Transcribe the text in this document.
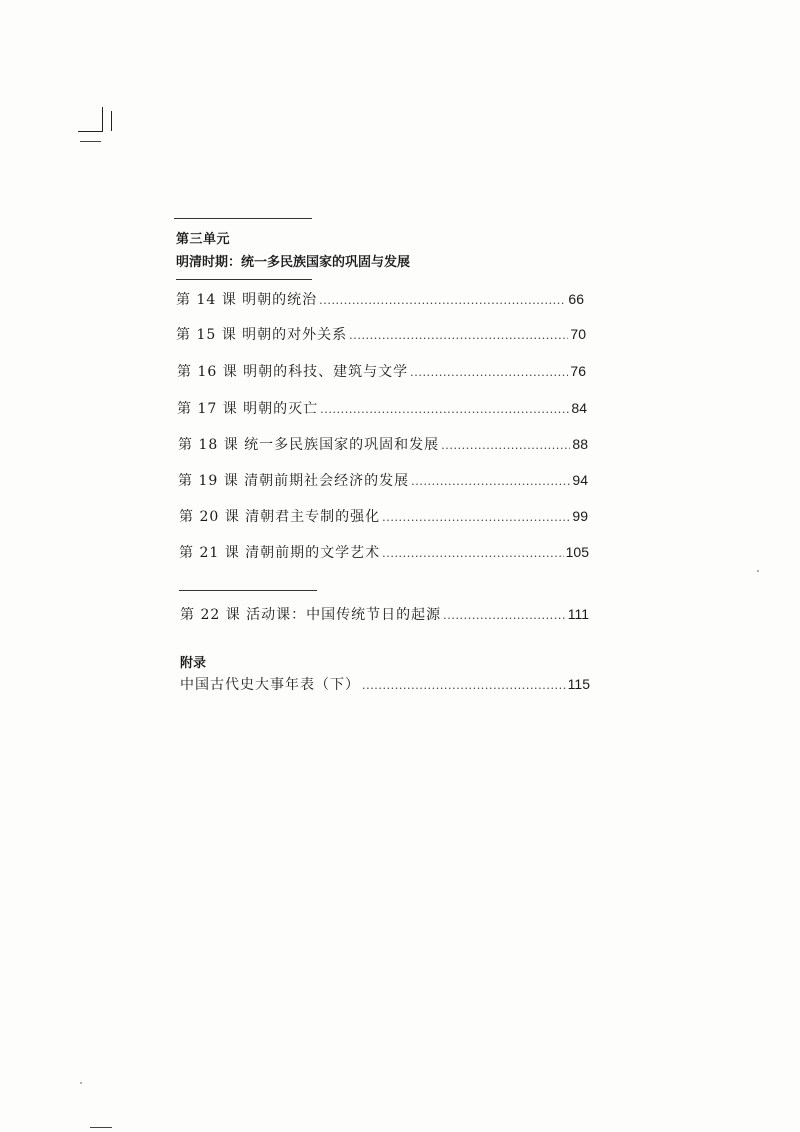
第三单元
明清时期：统一多民族国家的巩固与发展
第 14 课 明朝的统治 .....	66
第 15 课 明朝的对外关系 .....	70
第 16 课 明朝的科技、建筑与文学 .....	76
第 17 课 明朝的灭亡 .....	84
第 18 课 统一多民族国家的巩固和发展 .....	88
第 19 课 清朝前期社会经济的发展 .....	94
第 20 课 清朝君主专制的强化 .....	99
第 21 课 清朝前期的文学艺术 .....	105
第 22 课 活动课：中国传统节日的起源 .....	111
附录
中国古代史大事年表（下） .....	115
